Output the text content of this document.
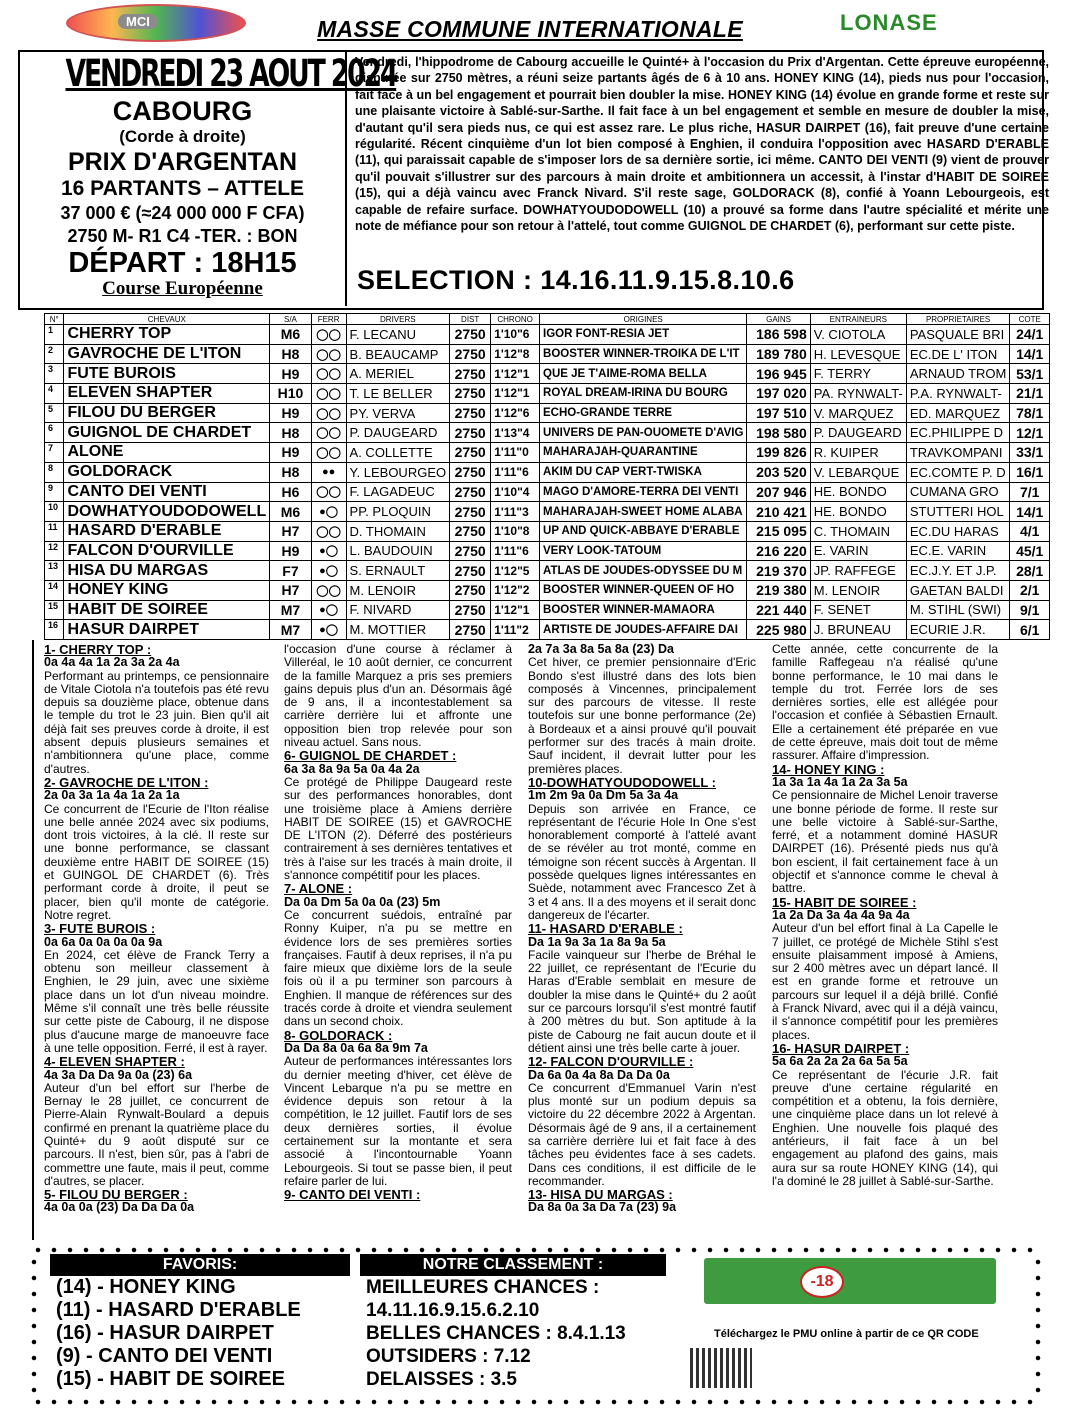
MCI	MASSE COMMUNE INTERNATIONALE	LONASE
VENDREDI 23 AOUT 2024
CABOURG
(Corde à droite)
PRIX D'ARGENTAN
16 PARTANTS – ATTELE
37 000 € (≈24 000 000 F CFA)
2750 M- R1 C4 -TER. : BON
DÉPART : 18H15
Course Européenne
Vendredi, l'hippodrome de Cabourg accueille le Quinté+ à l'occasion du Prix d'Argentan. Cette épreuve européenne, disputée sur 2750 mètres, a réuni seize partants âgés de 6 à 10 ans. HONEY KING (14), pieds nus pour l'occasion, fait face à un bel engagement et pourrait bien doubler la mise. HONEY KING (14) évolue en grande forme et reste sur une plaisante victoire à Sablé-sur-Sarthe. Il fait face à un bel engagement et semble en mesure de doubler la mise, d'autant qu'il sera pieds nus, ce qui est assez rare. Le plus riche, HASUR DAIRPET (16), fait preuve d'une certaine régularité. Récent cinquième d'un lot bien composé à Enghien, il conduira l'opposition avec HASARD D'ERABLE (11), qui paraissait capable de s'imposer lors de sa dernière sortie, ici même. CANTO DEI VENTI (9) vient de prouver qu'il pouvait s'illustrer sur des parcours à main droite et ambitionnera un accessit, à l'instar d'HABIT DE SOIREE (15), qui a déjà vaincu avec Franck Nivard. S'il reste sage, GOLDORACK (8), confié à Yoann Lebourgeois, est capable de refaire surface. DOWHATYOUDODOWELL (10) a prouvé sa forme dans l'autre spécialité et mérite une note de méfiance pour son retour à l'attelé, tout comme GUIGNOL DE CHARDET (6), performant sur cette piste.
SELECTION : 14.16.11.9.15.8.10.6
N°	CHEVAUX	S/A	FERR	DRIVERS	DIST	CHRONO	ORIGINES	GAINS	ENTRAINEURS	PROPRIETAIRES	COTE
1	CHERRY TOP	M6	◯◯	F. LECANU	2750	1'10"6	IGOR FONT-RESIA JET	186 598	V. CIOTOLA	PASQUALE BRI	24/1
2	GAVROCHE DE L'ITON	H8	◯◯	B. BEAUCAMP	2750	1'12"8	BOOSTER WINNER-TROIKA DE L'IT	189 780	H. LEVESQUE	EC.DE L' ITON	14/1
3	FUTE BUROIS	H9	◯◯	A. MERIEL	2750	1'12"1	QUE JE T'AIME-ROMA BELLA	196 945	F. TERRY	ARNAUD TROM	53/1
4	ELEVEN SHAPTER	H10	◯◯	T. LE BELLER	2750	1'12"1	ROYAL DREAM-IRINA DU BOURG	197 020	PA. RYNWALT-	P.A. RYNWALT-	21/1
5	FILOU DU BERGER	H9	◯◯	PY. VERVA	2750	1'12"6	ECHO-GRANDE TERRE	197 510	V. MARQUEZ	ED. MARQUEZ	78/1
6	GUIGNOL DE CHARDET	H8	◯◯	P. DAUGEARD	2750	1'13"4	UNIVERS DE PAN-OUOMETE D'AVIG	198 580	P. DAUGEARD	EC.PHILIPPE D	12/1
7	ALONE	H9	◯◯	A. COLLETTE	2750	1'11"0	MAHARAJAH-QUARANTINE	199 826	R. KUIPER	TRAVKOMPANI	33/1
8	GOLDORACK	H8	●●	Y. LEBOURGEO	2750	1'11"6	AKIM DU CAP VERT-TWISKA	203 520	V. LEBARQUE	EC.COMTE P. D	16/1
9	CANTO DEI VENTI	H6	◯◯	F. LAGADEUC	2750	1'10"4	MAGO D'AMORE-TERRA DEI VENTI	207 946	HE. BONDO	CUMANA GRO	7/1
10	DOWHATYOUDODOWELL	M6	●◯	PP. PLOQUIN	2750	1'11"3	MAHARAJAH-SWEET HOME ALABA	210 421	HE. BONDO	STUTTERI HOL	14/1
11	HASARD D'ERABLE	H7	◯◯	D. THOMAIN	2750	1'10"8	UP AND QUICK-ABBAYE D'ERABLE	215 095	C. THOMAIN	EC.DU HARAS	4/1
12	FALCON D'OURVILLE	H9	●◯	L. BAUDOUIN	2750	1'11"6	VERY LOOK-TATOUM	216 220	E. VARIN	EC.E. VARIN	45/1
13	HISA DU MARGAS	F7	●◯	S. ERNAULT	2750	1'12"5	ATLAS DE JOUDES-ODYSSEE DU M	219 370	JP. RAFFEGE	EC.J.Y. ET J.P.	28/1
14	HONEY KING	H7	◯◯	M. LENOIR	2750	1'12"2	BOOSTER WINNER-QUEEN OF HO	219 380	M. LENOIR	GAETAN BALDI	2/1
15	HABIT DE SOIREE	M7	●◯	F. NIVARD	2750	1'12"1	BOOSTER WINNER-MAMAORA	221 440	F. SENET	M. STIHL (SWI)	9/1
16	HASUR DAIRPET	M7	●◯	M. MOTTIER	2750	1'11"2	ARTISTE DE JOUDES-AFFAIRE DAI	225 980	J. BRUNEAU	ECURIE J.R.	6/1
1- CHERRY TOP :
0a 4a 4a 1a 2a 3a 2a 4a

Performant au printemps, ce pensionnaire de Vitale Ciotola n'a toutefois pas été revu depuis sa douzième place, obtenue dans le temple du trot le 23 juin. Bien qu'il ait déjà fait ses preuves corde à droite, il est absent depuis plusieurs semaines et n'ambitionnera qu'une place, comme d'autres.

2- GAVROCHE DE L'ITON :
2a 0a 3a 1a 4a 1a 2a 1a

Ce concurrent de l'Ecurie de l'Iton réalise une belle année 2024 avec six podiums, dont trois victoires, à la clé. Il reste sur une bonne performance, se classant deuxième entre HABIT DE SOIREE (15) et GUINGOL DE CHARDET (6). Très performant corde à droite, il peut se placer, bien qu'il monte de catégorie. Notre regret.

3- FUTE BUROIS :
0a 6a 0a 0a 0a 0a 9a

En 2024, cet élève de Franck Terry a obtenu son meilleur classement à Enghien, le 29 juin, avec une sixième place dans un lot d'un niveau moindre. Même s'il connaît une très belle réussite sur cette piste de Cabourg, il ne dispose plus d'aucune marge de manoeuvre face à une telle opposition. Ferré, il est à rayer.

4- ELEVEN SHAPTER :
4a 3a Da Da 9a 0a (23) 6a

Auteur d'un bel effort sur l'herbe de Bernay le 28 juillet, ce concurrent de Pierre-Alain Rynwalt-Boulard a depuis confirmé en prenant la quatrième place du Quinté+ du 9 août disputé sur ce parcours. Il n'est, bien sûr, pas à l'abri de commettre une faute, mais il peut, comme d'autres, se placer.

5- FILOU DU BERGER :
4a 0a 0a (23) Da Da Da 0a

l'occasion d'une course à réclamer à Villeréal, le 10 août dernier, ce concurrent de la famille Marquez a pris ses premiers gains depuis plus d'un an. Désormais âgé de 9 ans, il a incontestablement sa carrière derrière lui et affronte une opposition bien trop relevée pour son niveau actuel. Sans nous.

6- GUIGNOL DE CHARDET :
6a 3a 8a 9a 5a 0a 4a 2a

Ce protégé de Philippe Daugeard reste sur des performances honorables, dont une troisième place à Amiens derrière HABIT DE SOIREE (15) et GAVROCHE DE L'ITON (2). Déferré des postérieurs contrairement à ses dernières tentatives et très à l'aise sur les tracés à main droite, il s'annonce compétitif pour les places.

7- ALONE :
Da 0a Dm 5a 0a 0a (23) 5m

Ce concurrent suédois, entraîné par Ronny Kuiper, n'a pu se mettre en évidence lors de ses premières sorties françaises. Fautif à deux reprises, il n'a pu faire mieux que dixième lors de la seule fois où il a pu terminer son parcours à Enghien. Il manque de références sur des tracés corde à droite et viendra seulement dans un second choix.

8- GOLDORACK :
Da Da 8a 0a 6a 8a 9m 7a

Auteur de performances intéressantes lors du dernier meeting d'hiver, cet élève de Vincent Lebarque n'a pu se mettre en évidence depuis son retour à la compétition, le 12 juillet. Fautif lors de ses deux dernières sorties, il évolue certainement sur la montante et sera associé à l'incontournable Yoann Lebourgeois. Si tout se passe bien, il peut refaire parler de lui.

9- CANTO DEI VENTI :
2a 7a 3a 8a 5a 8a (23) Da

Cet hiver, ce premier pensionnaire d'Eric Bondo s'est illustré dans des lots bien composés à Vincennes, principalement sur des parcours de vitesse. Il reste toutefois sur une bonne performance (2e) à Bordeaux et a ainsi prouvé qu'il pouvait performer sur des tracés à main droite. Sauf incident, il devrait lutter pour les premières places.

10-DOWHATYOUDODOWELL :
1m 2m 9a 0a Dm 5a 3a 4a

Depuis son arrivée en France, ce représentant de l'écurie Hole In One s'est honorablement comporté à l'attelé avant de se révéler au trot monté, comme en témoigne son récent succès à Argentan. Il possède quelques lignes intéressantes en Suède, notamment avec Francesco Zet à 3 et 4 ans. Il a des moyens et il serait donc dangereux de l'écarter.

11- HASARD D'ERABLE :
Da 1a 9a 3a 1a 8a 9a 5a

Facile vainqueur sur l'herbe de Bréhal le 22 juillet, ce représentant de l'Ecurie du Haras d'Erable semblait en mesure de doubler la mise dans le Quinté+ du 2 août sur ce parcours lorsqu'il s'est montré fautif à 200 mètres du but. Son aptitude à la piste de Cabourg ne fait aucun doute et il détient ainsi une très belle carte à jouer.

12- FALCON D'OURVILLE :
Da 6a 0a 4a 8a Da Da 0a

Ce concurrent d'Emmanuel Varin n'est plus monté sur un podium depuis sa victoire du 22 décembre 2022 à Argentan. Désormais âgé de 9 ans, il a certainement sa carrière derrière lui et fait face à des tâches peu évidentes face à ses cadets. Dans ces conditions, il est difficile de le recommander.

13- HISA DU MARGAS :
Da 8a 0a 3a Da 7a (23) 9a

Cette année, cette concurrente de la famille Raffegeau n'a réalisé qu'une bonne performance, le 10 mai dans le temple du trot. Ferrée lors de ses dernières sorties, elle est allégée pour l'occasion et confiée à Sébastien Ernault. Elle a certainement été préparée en vue de cette épreuve, mais doit tout de même rassurer. Affaire d'impression.

14- HONEY KING :
1a 3a 1a 4a 1a 2a 3a 5a

Ce pensionnaire de Michel Lenoir traverse une bonne période de forme. Il reste sur une belle victoire à Sablé-sur-Sarthe, ferré, et a notamment dominé HASUR DAIRPET (16). Présenté pieds nus qu'à bon escient, il fait certainement face à un objectif et s'annonce comme le cheval à battre.

15- HABIT DE SOIREE :
1a 2a Da 3a 4a 4a 9a 4a

Auteur d'un bel effort final à La Capelle le 7 juillet, ce protégé de Michèle Stihl s'est ensuite plaisamment imposé à Amiens, sur 2 400 mètres avec un départ lancé. Il est en grande forme et retrouve un parcours sur lequel il a déjà brillé. Confié à Franck Nivard, avec qui il a déjà vaincu, il s'annonce compétitif pour les premières places.

16- HASUR DAIRPET :
5a 6a 2a 2a 2a 6a 5a 5a

Ce représentant de l'écurie J.R. fait preuve d'une certaine régularité en compétition et a obtenu, la fois dernière, une cinquième place dans un lot relevé à Enghien. Une nouvelle fois plaqué des antérieurs, il fait face à un bel engagement au plafond des gains, mais aura sur sa route HONEY KING (14), qui l'a dominé le 28 juillet à Sablé-sur-Sarthe.

FAVORIS:
(14) - HONEY KING
(11) - HASARD D'ERABLE
(16) - HASUR DAIRPET
(9) - CANTO DEI VENTI
(15) - HABIT DE SOIREE
NOTRE CLASSEMENT :
MEILLEURES CHANCES :
14.11.16.9.15.6.2.10
BELLES CHANCES : 8.4.1.13
OUTSIDERS : 7.12
DELAISSES : 3.5
-18
Téléchargez le PMU online à partir de ce QR CODE
